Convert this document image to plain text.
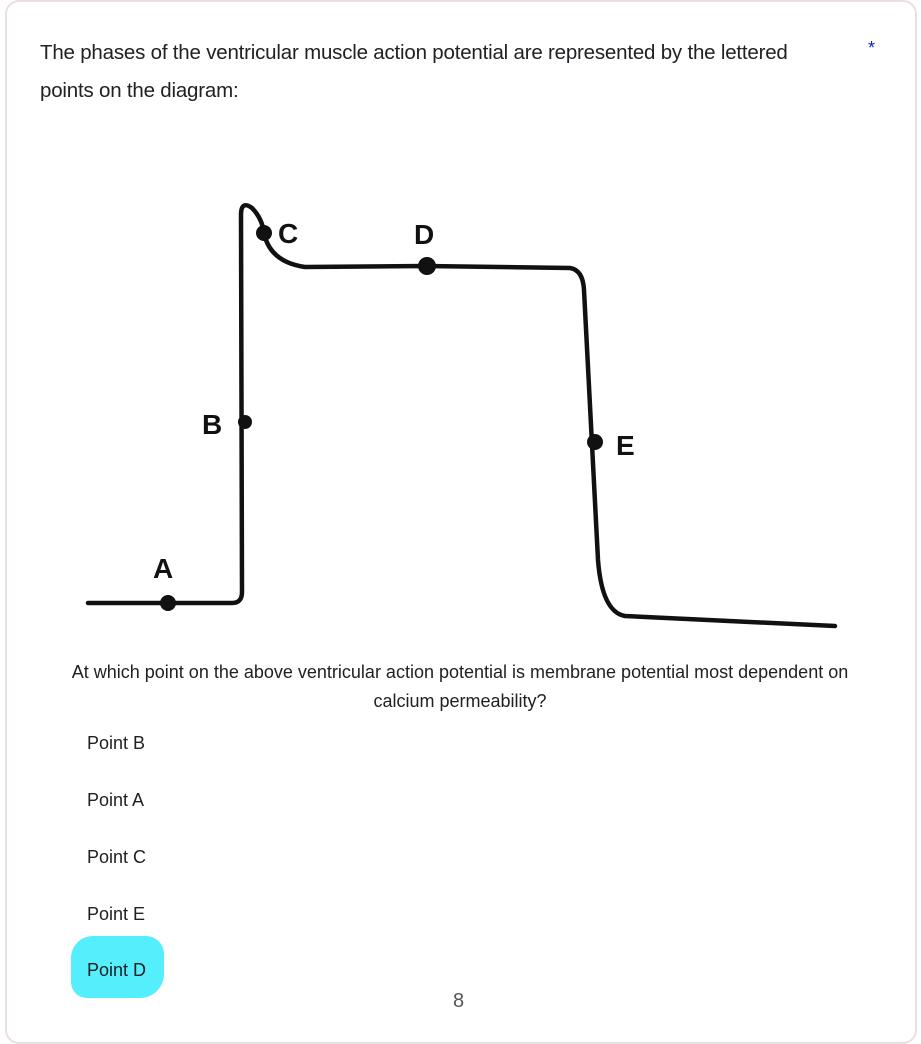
The phases of the ventricular muscle action potential are represented by the lettered points on the diagram:
*
A
B
C	D
E
At which point on the above ventricular action potential is membrane potential most dependent on calcium permeability?
Point B
Point A
Point C
Point E
Point D
8
